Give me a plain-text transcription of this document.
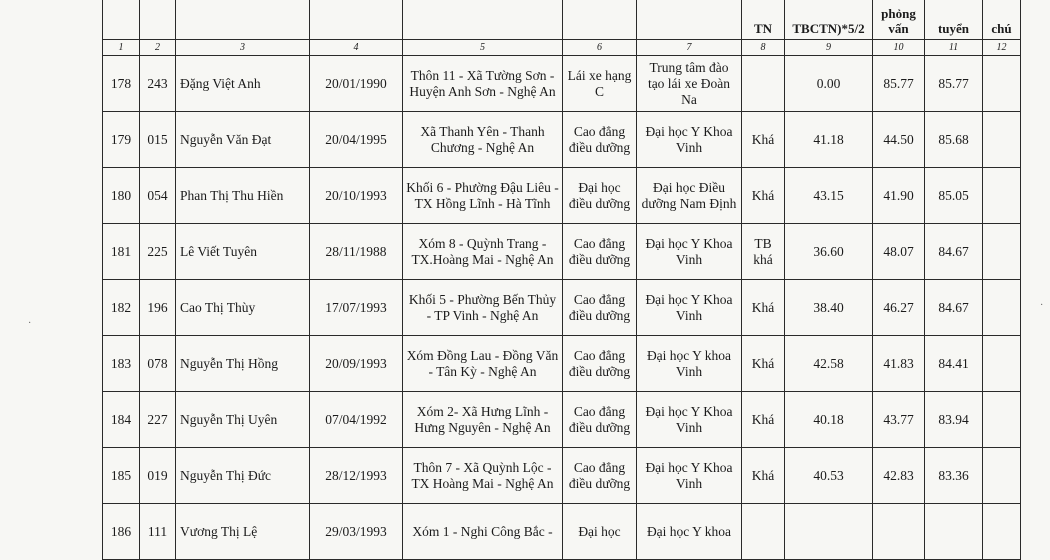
							TN	TBCTN)*5/2	phỏng vấn	tuyển	chú
1	2	3	4	5	6	7	8	9	10	11	12
178	243	Đặng Việt Anh	20/01/1990	Thôn 11 - Xã Tường Sơn - Huyện Anh Sơn - Nghệ An	Lái xe hạng C	Trung tâm đào tạo lái xe Đoàn Na		0.00	85.77	85.77	
179	015	Nguyễn Văn Đạt	20/04/1995	Xã Thanh Yên - Thanh Chương - Nghệ An	Cao đẳng điều dưỡng	Đại học Y Khoa Vinh	Khá	41.18	44.50	85.68	
180	054	Phan Thị Thu Hiền	20/10/1993	Khối 6 - Phường Đậu Liêu - TX Hồng Lĩnh - Hà Tĩnh	Đại học điều dưỡng	Đại học Điều dưỡng Nam Định	Khá	43.15	41.90	85.05	
181	225	Lê Viết Tuyên	28/11/1988	Xóm 8 - Quỳnh Trang - TX.Hoàng Mai - Nghệ An	Cao đẳng điều dưỡng	Đại học Y Khoa Vinh	TB khá	36.60	48.07	84.67	
182	196	Cao Thị Thùy	17/07/1993	Khối 5 - Phường Bến Thủy - TP Vinh - Nghệ An	Cao đẳng điều dưỡng	Đại học Y Khoa Vinh	Khá	38.40	46.27	84.67	
183	078	Nguyễn Thị Hồng	20/09/1993	Xóm Đồng Lau - Đồng Văn - Tân Kỳ - Nghệ An	Cao đẳng điều dưỡng	Đại học Y khoa Vinh	Khá	42.58	41.83	84.41	
184	227	Nguyễn Thị Uyên	07/04/1992	Xóm 2- Xã Hưng Lĩnh - Hưng Nguyên - Nghệ An	Cao đẳng điều dưỡng	Đại học Y Khoa Vinh	Khá	40.18	43.77	83.94	
185	019	Nguyễn Thị Đức	28/12/1993	Thôn 7 - Xã Quỳnh Lộc - TX Hoàng Mai - Nghệ An	Cao đẳng điều dưỡng	Đại học Y Khoa Vinh	Khá	40.53	42.83	83.36	
186	111	Vương Thị Lệ	29/03/1993	Xóm 1 - Nghi Công Bắc -	Đại học	Đại học Y khoa					
·
·
